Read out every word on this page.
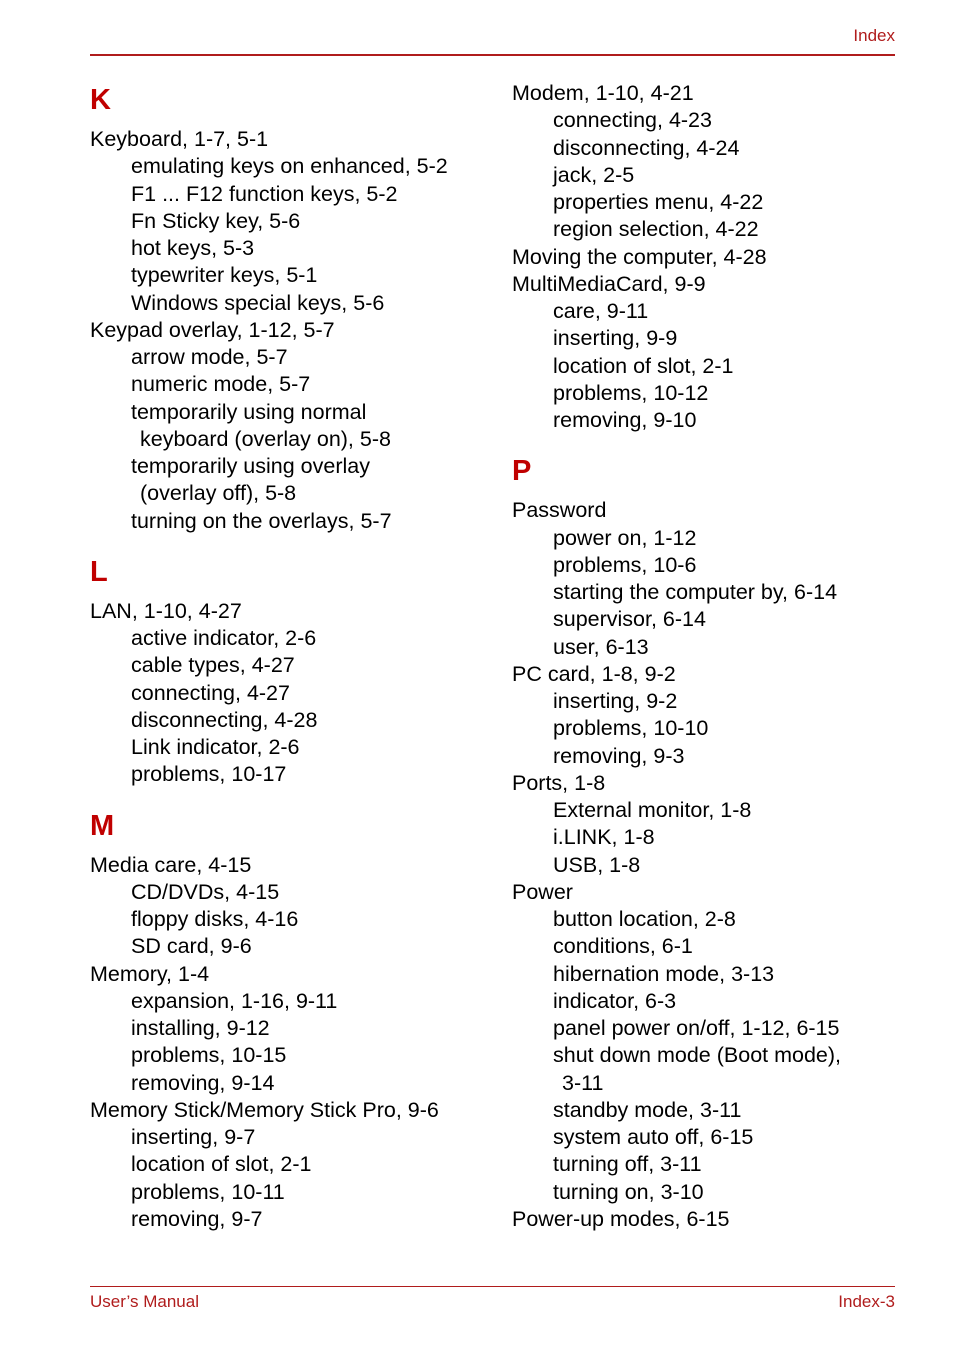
Index
K
Keyboard, 1-7, 5-1
emulating keys on enhanced, 5-2
F1 ... F12 function keys, 5-2
Fn Sticky key, 5-6
hot keys, 5-3
typewriter keys, 5-1
Windows special keys, 5-6
Keypad overlay, 1-12, 5-7
arrow mode, 5-7
numeric mode, 5-7
temporarily using normal
keyboard (overlay on), 5-8
temporarily using overlay
(overlay off), 5-8
turning on the overlays, 5-7
L
LAN, 1-10, 4-27
active indicator, 2-6
cable types, 4-27
connecting, 4-27
disconnecting, 4-28
Link indicator, 2-6
problems, 10-17
M
Media care, 4-15
CD/DVDs, 4-15
floppy disks, 4-16
SD card, 9-6
Memory, 1-4
expansion, 1-16, 9-11
installing, 9-12
problems, 10-15
removing, 9-14
Memory Stick/Memory Stick Pro, 9-6
inserting, 9-7
location of slot, 2-1
problems, 10-11
removing, 9-7
Modem, 1-10, 4-21
connecting, 4-23
disconnecting, 4-24
jack, 2-5
properties menu, 4-22
region selection, 4-22
Moving the computer, 4-28
MultiMediaCard, 9-9
care, 9-11
inserting, 9-9
location of slot, 2-1
problems, 10-12
removing, 9-10
P
Password
power on, 1-12
problems, 10-6
starting the computer by, 6-14
supervisor, 6-14
user, 6-13
PC card, 1-8, 9-2
inserting, 9-2
problems, 10-10
removing, 9-3
Ports, 1-8
External monitor, 1-8
i.LINK, 1-8
USB, 1-8
Power
button location, 2-8
conditions, 6-1
hibernation mode, 3-13
indicator, 6-3
panel power on/off, 1-12, 6-15
shut down mode (Boot mode),
3-11
standby mode, 3-11
system auto off, 6-15
turning off, 3-11
turning on, 3-10
Power-up modes, 6-15
User’s Manual	Index-3
